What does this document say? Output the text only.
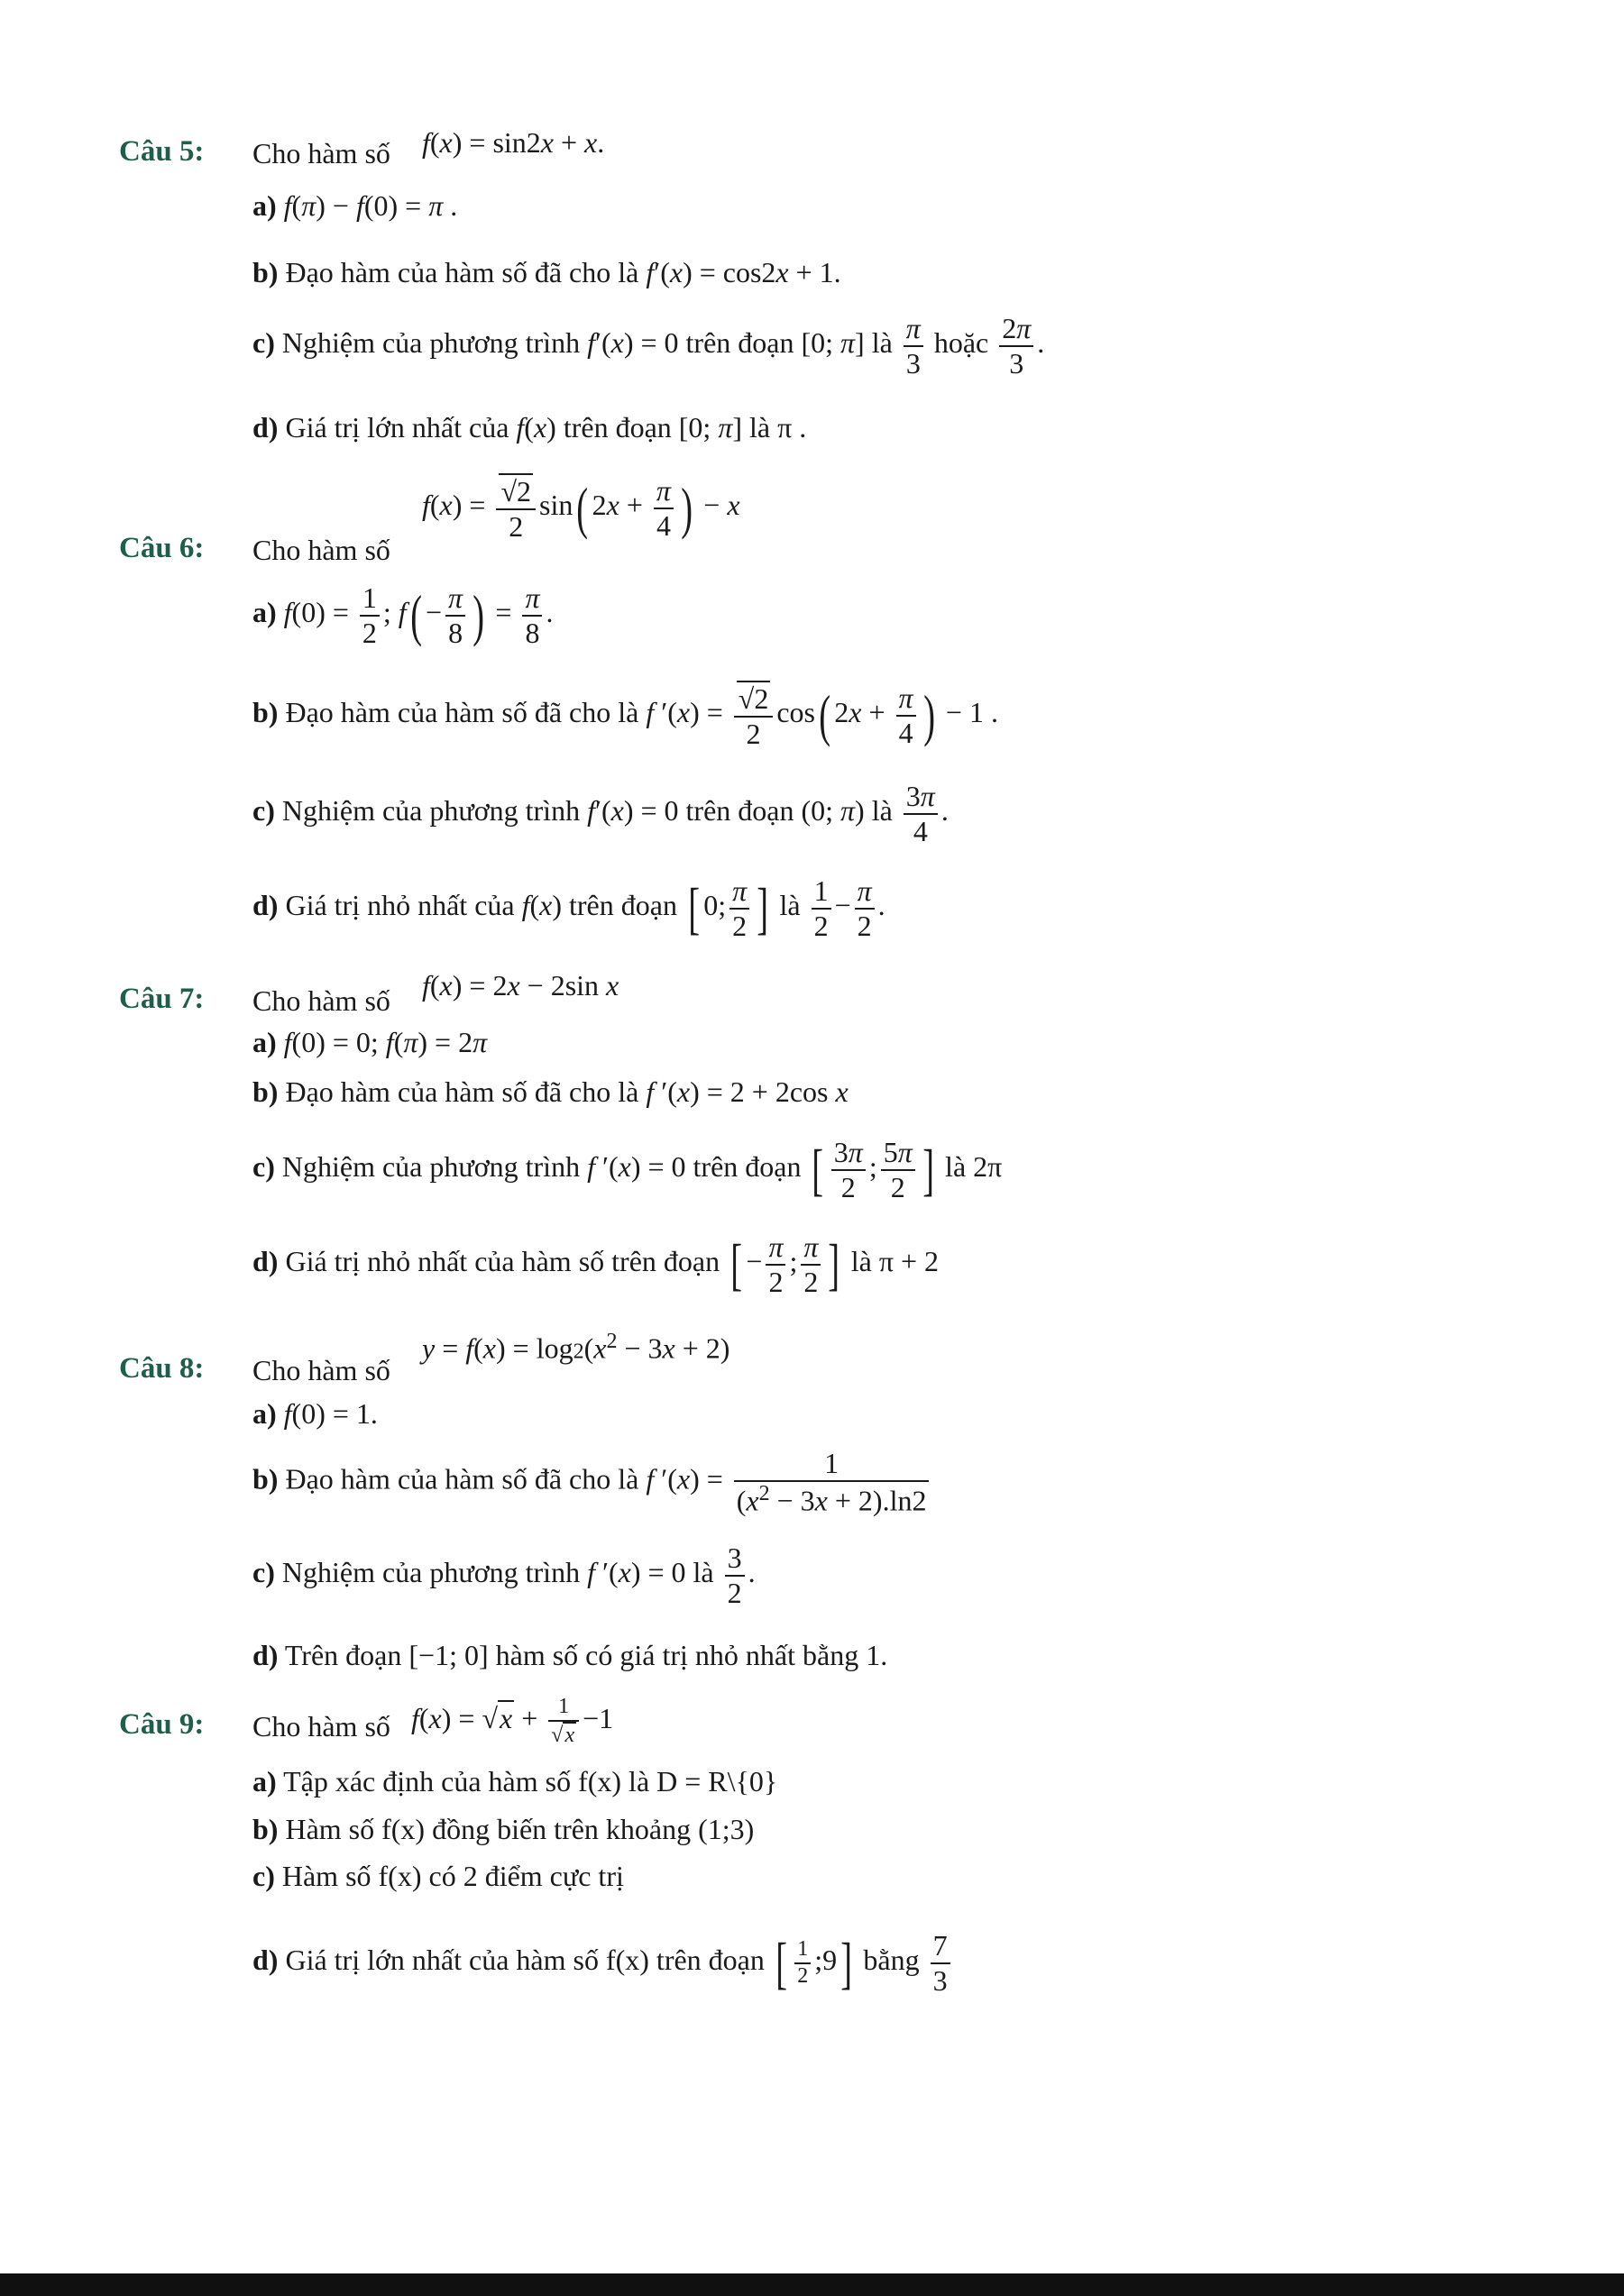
Câu 5: Cho hàm số f(x) = sin2x + x.
a) f(π) − f(0) = π .
b) Đạo hàm của hàm số đã cho là f′(x) = cos2x + 1.
c) Nghiệm của phương trình f′(x) = 0 trên đoạn [0; π] là $\frac{\pi}{3}$ hoặc $\frac{2\pi}{3}$ .
d) Giá trị lớn nhất của f(x) trên đoạn [0; π] là π .
Câu 6: Cho hàm số
$f(x) = \frac{√2}{2} \sin$( $2x + \frac{\pi}{4}$ ) − x
a) $f(0) = \frac{1}{2}$ ; $f( - \frac{\pi}{8}$ ) = $\frac{\pi}{8}$ .
b) Đạo hàm của hàm số đã cho là f $'(x) = \frac{√2}{2} \cos$( $2x + \frac{\pi}{4}$ ) − 1 .
c) Nghiệm của phương trình f′(x) = 0 trên đoạn (0; π) là $\frac{3\pi}{4}$ .
d) Giá trị nhỏ nhất của f(x) trên đoạn [ 0; $\frac{\pi}{2}$ ] là $\frac{1}{2} - \frac{\pi}{2}$ .
Câu 7: Cho hàm số f(x) = 2x − 2sin x
a) f(0) = 0; f(π) = 2π
b) Đạo hàm của hàm số đã cho là f ′(x) = 2 + 2cos x
c) Nghiệm của phương trình f ′(x) = 0 trên đoạn [ $\frac{3\pi}{2}$ ; $\frac{5\pi}{2}$ ] là 2π
d) Giá trị nhỏ nhất của hàm số trên đoạn [ − $\frac{\pi}{2}$ ; $\frac{\pi}{2}$ ] là π + 2
Câu 8: Cho hàm số
$y = f(x) = \log 2(x^2 - 3x + 2)$
a) f(0) = 1.
b) Đạo hàm của hàm số đã cho là f $'(x) = \frac{1}{(x^2 - 3x + 2).\ln 2}$
c) Nghiệm của phương trình f ′(x) = 0 là $\frac{3}{2}$ .
d) Trên đoạn [−1; 0] hàm số có giá trị nhỏ nhất bằng 1.
Câu 9: Cho hàm số $f(x) = √x + \frac{1}{√x} -1$
a) Tập xác định của hàm số f(x) là D = R\{0}
b) Hàm số f(x) đồng biến trên khoảng (1;3)
c) Hàm số f(x) có 2 điểm cực trị
d) Giá trị lớn nhất của hàm số f(x) trên đoạn [ $\frac{1}{2}$ ;9] bằng $\frac{7}{3}$
